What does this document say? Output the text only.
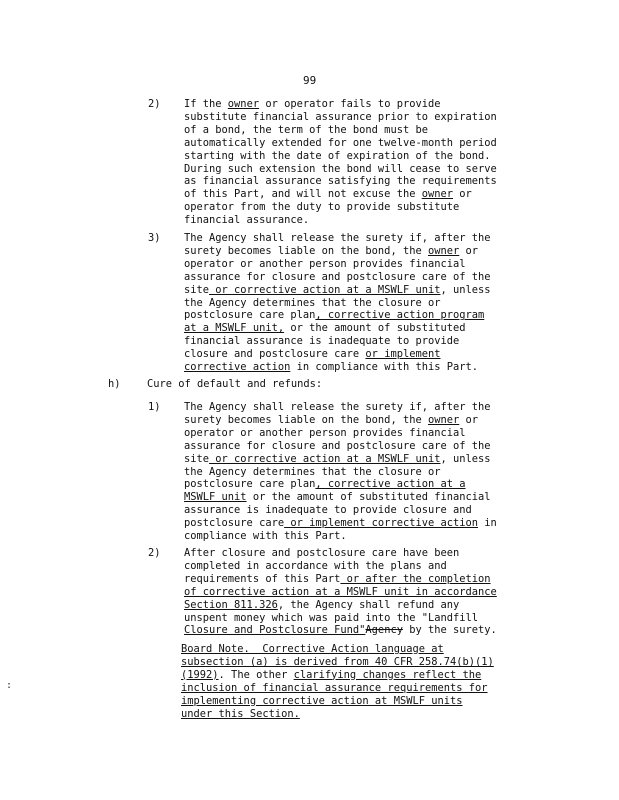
99
2) If the owner or operator fails to provide
substitute financial assurance prior to expiration
of a bond, the term of the bond must be
automatically extended for one twelve-month period
starting with the date of expiration of the bond.
During such extension the bond will cease to serve
as financial assurance satisfying the requirements
of this Part, and will not excuse the owner or
operator from the duty to provide substitute
financial assurance.
3) The Agency shall release the surety if, after the
surety becomes liable on the bond, the owner or
operator or another person provides financial
assurance for closure and postclosure care of the
site or corrective action at a MSWLF unit, unless
the Agency determines that the closure or
postclosure care plan, corrective action program
at a MSWLF unit, or the amount of substituted
financial assurance is inadequate to provide
closure and postclosure care or implement
corrective action in compliance with this Part.
h)	Cure of default and refunds:
1) The Agency shall release the surety if, after the
surety becomes liable on the bond, the owner or
operator or another person provides financial
assurance for closure and postclosure care of the
site or corrective action at a MSWLF unit, unless
the Agency determines that the closure or
postclosure care plan, corrective action at a
MSWLF unit or the amount of substituted financial
assurance is inadequate to provide closure and
postclosure care or implement corrective action in
compliance with this Part.
2) After closure and postclosure care have been
completed in accordance with the plans and
requirements of this Part or after the completion
of corrective action at a MSWLF unit in accordance
Section 811.326, the Agency shall refund any
unspent money which was paid into the "Landfill
Closure and Postclosure Fund"Agency by the surety.
Board Note.  Corrective Action language at
subsection (a) is derived from 40 CFR 258.74(b)(1)
(1992). The other clarifying changes reflect the
inclusion of financial assurance requirements for
implementing corrective action at MSWLF units
under this Section.
:
